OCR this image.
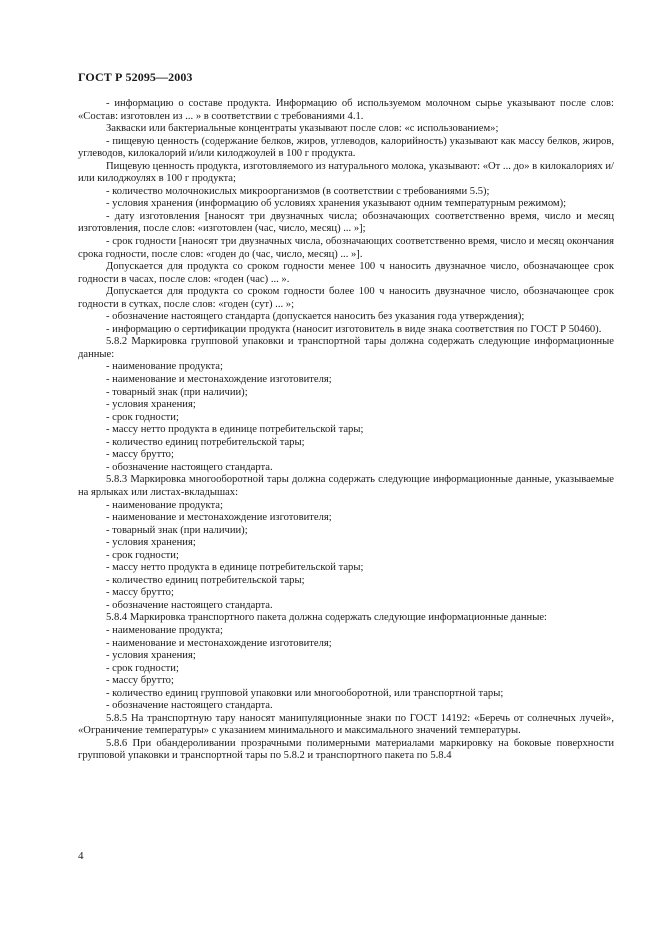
ГОСТ Р 52095—2003

- информацию о составе продукта. Информацию об используемом молочном сырье указывают после слов: «Состав: изготовлен из ... » в соответствии с требованиями 4.1.

Закваски или бактериальные концентраты указывают после слов: «с использованием»;

- пищевую ценность (содержание белков, жиров, углеводов, калорийность) указывают как массу белков, жиров, углеводов, килокалорий и/или килоджоулей в 100 г продукта.

Пищевую ценность продукта, изготовляемого из натурального молока, указывают: «От ... до» в килокалориях и/или килоджоулях в 100 г продукта;

- количество молочнокислых микроорганизмов (в соответствии с требованиями 5.5);

- условия хранения (информацию об условиях хранения указывают одним температурным режимом);

- дату изготовления [наносят три двузначных числа; обозначающих соответственно время, число и месяц изготовления, после слов: «изготовлен (час, число, месяц) ... »];

- срок годности [наносят три двузначных числа, обозначающих соответственно время, число и месяц окончания срока годности, после слов: «годен до (час, число, месяц) ... »].

Допускается для продукта со сроком годности менее 100 ч наносить двузначное число, обозначающее срок годности в часах, после слов: «годен (час) ... ».

Допускается для продукта со сроком годности более 100 ч наносить двузначное число, обозначающее срок годности в сутках, после слов: «годен (сут) ... »;

- обозначение настоящего стандарта (допускается наносить без указания года утверждения);

- информацию о сертификации продукта (наносит изготовитель в виде знака соответствия по ГОСТ Р 50460).

5.8.2 Маркировка групповой упаковки и транспортной тары должна содержать следующие информационные данные:

- наименование продукта;

- наименование и местонахождение изготовителя;

- товарный знак (при наличии);

- условия хранения;

- срок годности;

- массу нетто продукта в единице потребительской тары;

- количество единиц потребительской тары;

- массу брутто;

- обозначение настоящего стандарта.

5.8.3 Маркировка многооборотной тары должна содержать следующие информационные данные, указываемые на ярлыках или листах-вкладышах:

- наименование продукта;

- наименование и местонахождение изготовителя;

- товарный знак (при наличии);

- условия хранения;

- срок годности;

- массу нетто продукта в единице потребительской тары;

- количество единиц потребительской тары;

- массу брутто;

- обозначение настоящего стандарта.

5.8.4 Маркировка транспортного пакета должна содержать следующие информационные данные:

- наименование продукта;

- наименование и местонахождение изготовителя;

- условия хранения;

- срок годности;

- массу брутто;

- количество единиц групповой упаковки или многооборотной, или транспортной тары;

- обозначение настоящего стандарта.

5.8.5 На транспортную тару наносят манипуляционные знаки по ГОСТ 14192: «Беречь от солнечных лучей», «Ограничение температуры» с указанием минимального и максимального значений температуры.

5.8.6 При обандероливании прозрачными полимерными материалами маркировку на боковые поверхности групповой упаковки и транспортной тары по 5.8.2 и транспортного пакета по 5.8.4

4
